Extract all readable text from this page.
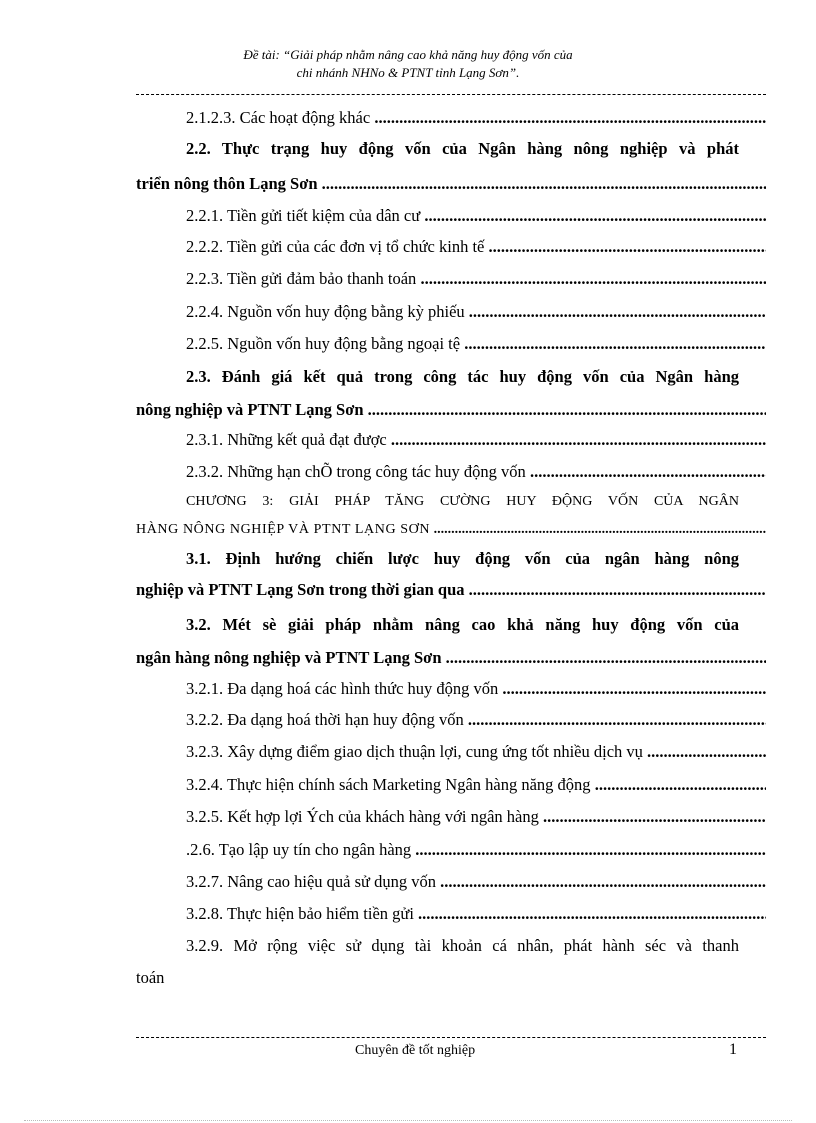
Đề tài: “Giải pháp nhằm nâng cao khả năng huy động vốn của
chi nhánh NHNo & PTNT tỉnh Lạng Sơn”.
2.1.2.3. Các hoạt động khác .....
2.2. Thực trạng huy động vốn của Ngân hàng nông nghiệp và phát
triển nông thôn Lạng Sơn .....
2.2.1. Tiền gửi tiết kiệm của dân cư .....
2.2.2. Tiền gửi của các đơn vị tổ chức kinh tế .....
2.2.3. Tiền gửi đảm bảo thanh toán .....
2.2.4. Nguồn vốn huy động bằng kỳ phiếu .....
2.2.5. Nguồn vốn huy động bằng ngoại tệ .....
2.3. Đánh giá kết quả trong công tác huy động vốn của Ngân hàng
nông nghiệp và PTNT Lạng Sơn .....
2.3.1. Những kết quả đạt được .....
2.3.2. Những hạn chÕ trong công tác huy động vốn .....
CHƯƠNG 3: GIẢI PHÁP TĂNG CƯỜNG HUY ĐỘNG VỐN CỦA NGÂN
HÀNG NÔNG NGHIỆP VÀ PTNT LẠNG SƠN .....
3.1. Định hướng chiến lược huy động vốn của ngân hàng nông
nghiệp và PTNT Lạng Sơn trong thời gian qua .....
3.2. Mét sè giải pháp nhằm nâng cao khả năng huy động vốn của
ngân hàng nông nghiệp và PTNT Lạng Sơn .....
3.2.1. Đa dạng hoá các hình thức huy động vốn .....
3.2.2. Đa dạng hoá thời hạn huy động vốn .....
3.2.3. Xây dựng điểm giao dịch thuận lợi, cung ứng tốt nhiều dịch vụ .....
3.2.4. Thực hiện chính sách Marketing Ngân hàng năng động .....
3.2.5. Kết hợp lợi Ých của khách hàng với ngân hàng .....
.2.6. Tạo lập uy tín cho ngân hàng .....
3.2.7. Nâng cao hiệu quả sử dụng vốn .....
3.2.8. Thực hiện bảo hiểm tiền gửi .....
3.2.9. Mở rộng việc sử dụng tài khoản cá nhân, phát hành séc và thanh
toán
Chuyên đề tốt nghiệp	1
